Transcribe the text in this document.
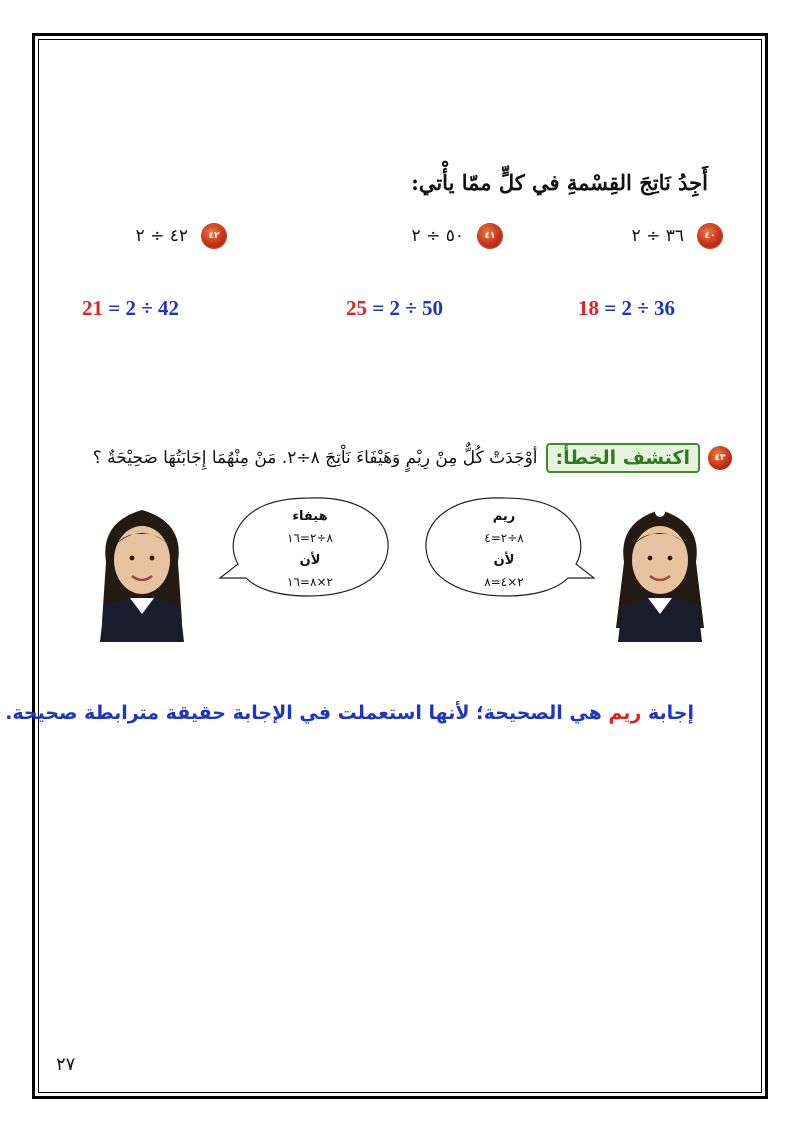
أَجِدُ نَاتِجَ القِسْمةِ في كلٍّ ممّا يأْتي:
٤٠
٣٦ ÷ ٢
٤١
٥٠ ÷ ٢
٤٢
٤٢ ÷ ٢
18 = 2 ÷ 36
25 = 2 ÷ 50
21 = 2 ÷ 42
٤٣
اكتشف الخطأ:
أوْجَدَتْ كُلٌّ مِنْ رِيْمٍ وَهَيْفَاءَ نَاْتِجَ ٨÷٢. مَنْ مِنْهُمَا إِجَابَتُهَا صَحِيْحَةٌ ؟
هيفاء
٨÷٢=١٦
لأن
٢×٨=١٦
ريم
٨÷٢=٤
لأن
٢×٤=٨
إجابة ريم هي الصحيحة؛ لأنها استعملت في الإجابة حقيقة مترابطة صحيحة.
٢٧
